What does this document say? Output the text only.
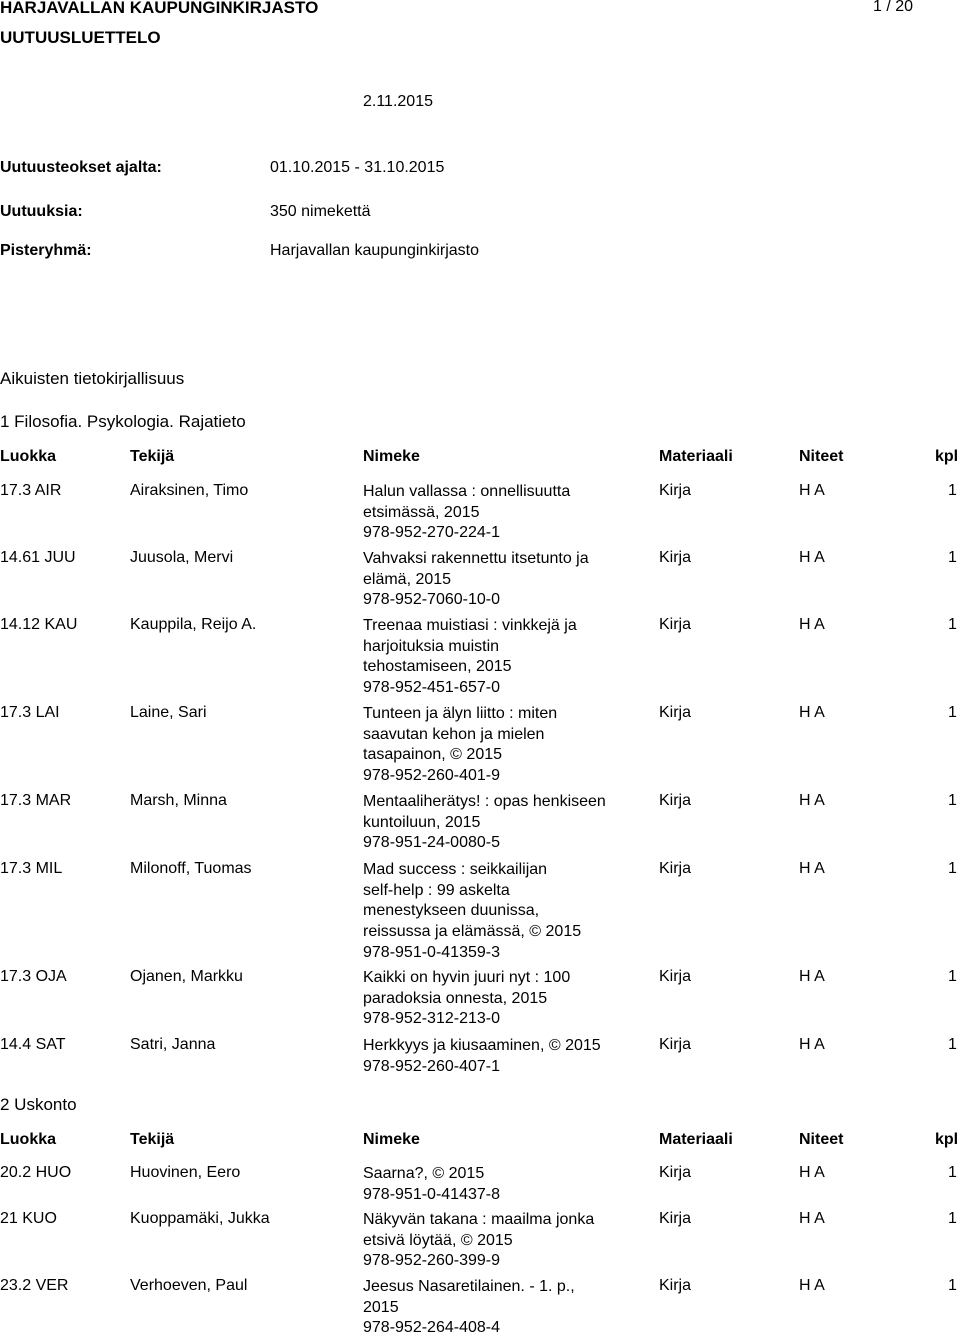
HARJAVALLAN KAUPUNGINKIRJASTO
UUTUUSLUETTELO
1 / 20
2.11.2015
Uutuusteokset ajalta:	01.10.2015 - 31.10.2015
Uutuuksia:	350 nimekettä
Pisteryhmä:	Harjavallan kaupunginkirjasto
Aikuisten tietokirjallisuus
1 Filosofia. Psykologia. Rajatieto
Luokka	Tekijä	Nimeke	Materiaali	Niteet	kpl
17.3 AIR	Airaksinen, Timo	Halun vallassa : onnellisuutta
etsimässä, 2015
978-952-270-224-1
Kirja	H A	1
14.61 JUU	Juusola, Mervi	Vahvaksi rakennettu itsetunto ja
elämä, 2015
978-952-7060-10-0
Kirja	H A	1
14.12 KAU	Kauppila, Reijo A.	Treenaa muistiasi : vinkkejä ja
harjoituksia muistin
tehostamiseen, 2015
978-952-451-657-0
Kirja	H A	1
17.3 LAI	Laine, Sari	Tunteen ja älyn liitto : miten
saavutan kehon ja mielen
tasapainon, © 2015
978-952-260-401-9
Kirja	H A	1
17.3 MAR	Marsh, Minna	Mentaaliherätys! : opas henkiseen
kuntoiluun, 2015
978-951-24-0080-5
Kirja	H A	1
17.3 MIL	Milonoff, Tuomas	Mad success : seikkailijan
self-help : 99 askelta
menestykseen duunissa,
reissussa ja elämässä, © 2015
978-951-0-41359-3
Kirja	H A	1
17.3 OJA	Ojanen, Markku	Kaikki on hyvin juuri nyt : 100
paradoksia onnesta, 2015
978-952-312-213-0
Kirja	H A	1
14.4 SAT	Satri, Janna	Herkkyys ja kiusaaminen, © 2015
978-952-260-407-1
Kirja	H A	1
2 Uskonto
Luokka	Tekijä	Nimeke	Materiaali	Niteet	kpl
20.2 HUO	Huovinen, Eero	Saarna?, © 2015
978-951-0-41437-8
Kirja	H A	1
21 KUO	Kuoppamäki, Jukka	Näkyvän takana : maailma jonka
etsivä löytää, © 2015
978-952-260-399-9
Kirja	H A	1
23.2 VER	Verhoeven, Paul	Jeesus Nasaretilainen. - 1. p.,
2015
978-952-264-408-4
Kirja	H A	1
